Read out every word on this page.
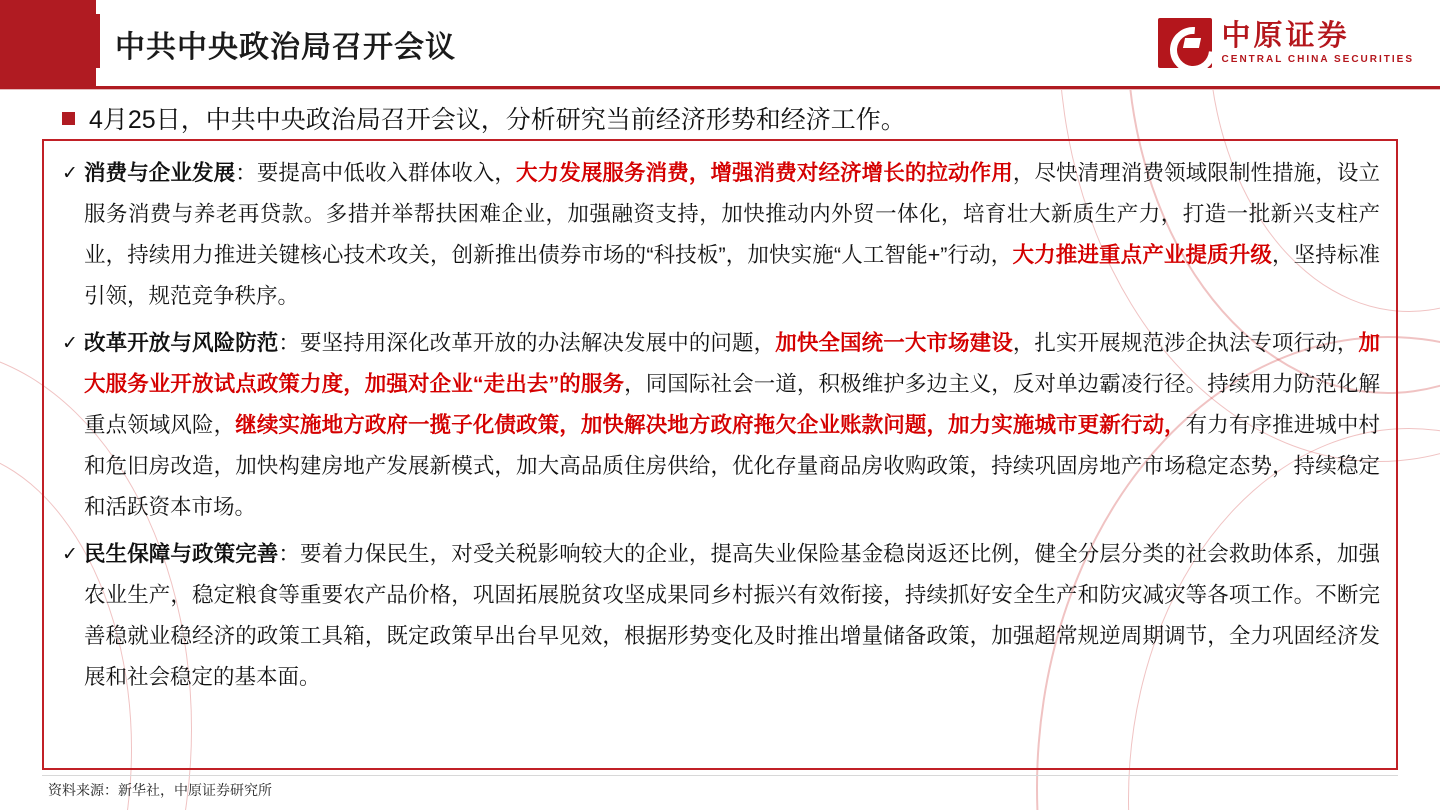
中共中央政治局召开会议	中原证券
CENTRAL CHINA SECURITIES
4月25日，中共中央政治局召开会议，分析研究当前经济形势和经济工作。
✓ 消费与企业发展：要提高中低收入群体收入，大力发展服务消费，增强消费对经济增长的拉动作用，尽快清理消费领域限制性措施，设立服务消费与养老再贷款。多措并举帮扶困难企业，加强融资支持，加快推动内外贸一体化，培育壮大新质生产力，打造一批新兴支柱产业，持续用力推进关键核心技术攻关，创新推出债券市场的“科技板”，加快实施“人工智能+”行动，大力推进重点产业提质升级，坚持标准引领，规范竞争秩序。
✓ 改革开放与风险防范：要坚持用深化改革开放的办法解决发展中的问题，加快全国统一大市场建设，扎实开展规范涉企执法专项行动，加大服务业开放试点政策力度，加强对企业“走出去”的服务，同国际社会一道，积极维护多边主义，反对单边霸凌行径。持续用力防范化解重点领域风险，继续实施地方政府一揽子化债政策，加快解决地方政府拖欠企业账款问题，加力实施城市更新行动，有力有序推进城中村和危旧房改造，加快构建房地产发展新模式，加大高品质住房供给，优化存量商品房收购政策，持续巩固房地产市场稳定态势，持续稳定和活跃资本市场。
✓ 民生保障与政策完善：要着力保民生，对受关税影响较大的企业，提高失业保险基金稳岗返还比例，健全分层分类的社会救助体系，加强农业生产，稳定粮食等重要农产品价格，巩固拓展脱贫攻坚成果同乡村振兴有效衔接，持续抓好安全生产和防灾减灾等各项工作。不断完善稳就业稳经济的政策工具箱，既定政策早出台早见效，根据形势变化及时推出增量储备政策，加强超常规逆周期调节，全力巩固经济发展和社会稳定的基本面。
资料来源：新华社，中原证券研究所
